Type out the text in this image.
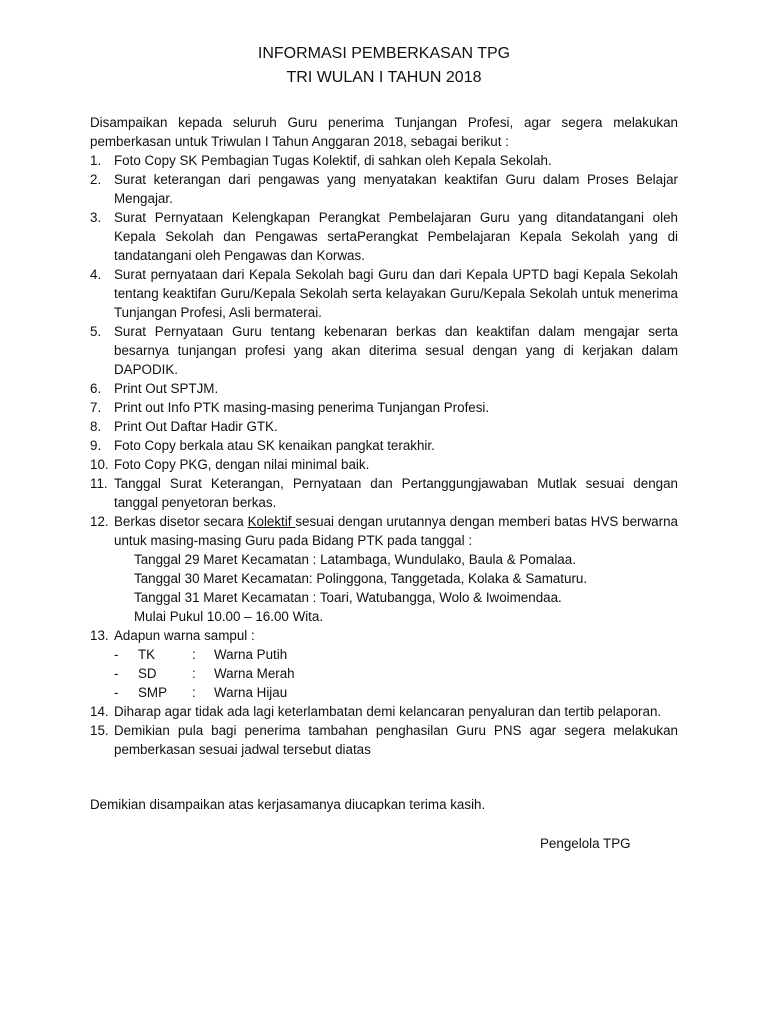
INFORMASI PEMBERKASAN TPG
TRI WULAN I TAHUN 2018
Disampaikan kepada seluruh Guru penerima Tunjangan Profesi, agar segera melakukan pemberkasan untuk Triwulan I Tahun Anggaran 2018, sebagai berikut :
1. Foto Copy SK Pembagian Tugas Kolektif, di sahkan oleh Kepala Sekolah.
2. Surat keterangan dari pengawas yang menyatakan keaktifan Guru dalam Proses Belajar Mengajar.
3. Surat Pernyataan Kelengkapan Perangkat Pembelajaran Guru yang ditandatangani oleh Kepala Sekolah dan Pengawas sertaPerangkat Pembelajaran Kepala Sekolah yang di tandatangani oleh Pengawas dan Korwas.
4. Surat pernyataan dari Kepala Sekolah bagi Guru dan dari Kepala UPTD bagi Kepala Sekolah tentang keaktifan Guru/Kepala Sekolah serta kelayakan Guru/Kepala Sekolah untuk menerima Tunjangan Profesi, Asli bermaterai.
5. Surat Pernyataan Guru tentang kebenaran berkas dan keaktifan dalam mengajar serta besarnya tunjangan profesi yang akan diterima sesual dengan yang di kerjakan dalam DAPODIK.
6. Print Out SPTJM.
7. Print out Info PTK masing-masing penerima Tunjangan Profesi.
8. Print Out Daftar Hadir GTK.
9. Foto Copy berkala atau SK kenaikan pangkat terakhir.
10. Foto Copy PKG, dengan nilai minimal baik.
11. Tanggal Surat Keterangan, Pernyataan dan Pertanggungjawaban Mutlak sesuai dengan tanggal penyetoran berkas.
12. Berkas disetor secara Kolektif sesuai dengan urutannya dengan memberi batas HVS berwarna untuk masing-masing Guru pada Bidang PTK pada tanggal :
Tanggal 29 Maret Kecamatan : Latambaga, Wundulako, Baula & Pomalaa.
Tanggal 30 Maret Kecamatan: Polinggona, Tanggetada, Kolaka & Samaturu.
Tanggal 31 Maret Kecamatan : Toari, Watubangga, Wolo & Iwoimendaa.
Mulai Pukul 10.00 – 16.00 Wita.
13. Adapun warna sampul :
-	TK	:	Warna Putih
-	SD	:	Warna Merah
-	SMP	:	Warna Hijau
14. Diharap agar tidak ada lagi keterlambatan demi kelancaran penyaluran dan tertib pelaporan.
15. Demikian pula bagi penerima tambahan penghasilan Guru PNS agar segera melakukan pemberkasan sesuai jadwal tersebut diatas
Demikian disampaikan atas kerjasamanya diucapkan terima kasih.
Pengelola TPG
